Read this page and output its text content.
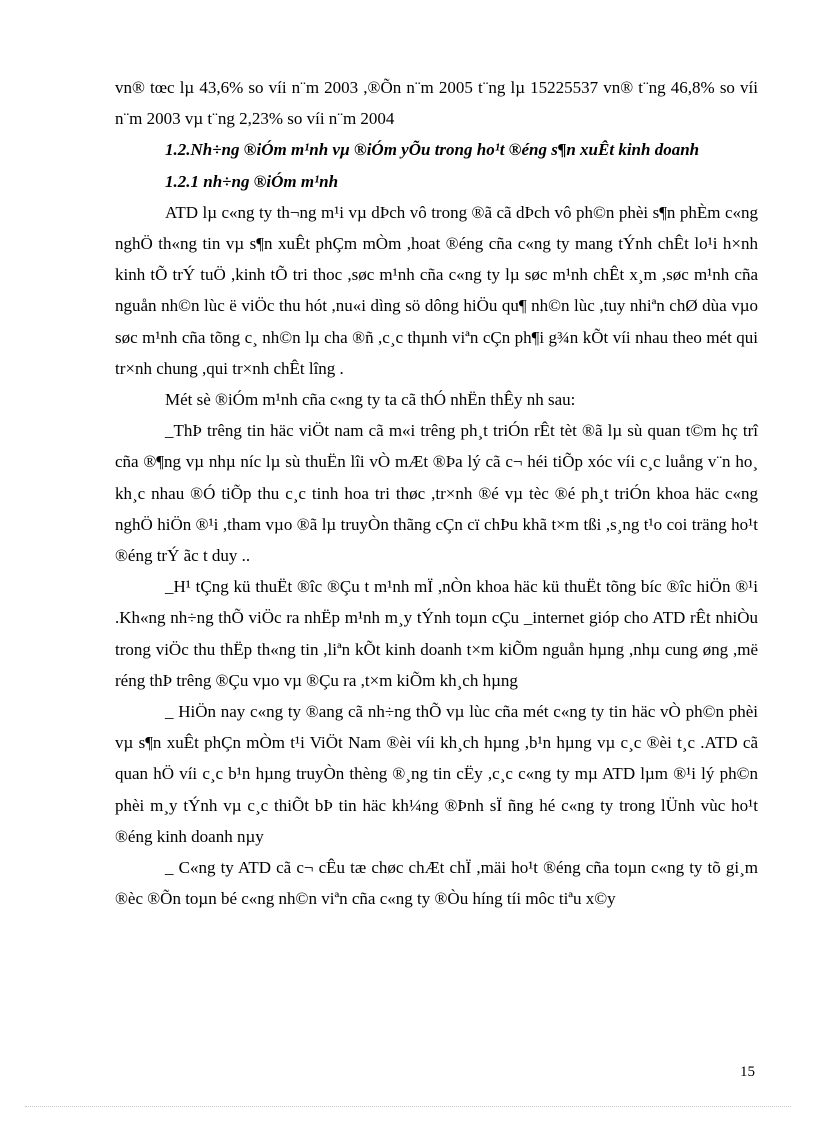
vn® tœc lµ 43,6% so víi n¨m 2003 ,®Õn n¨m 2005 t¨ng lµ 15225537 vn® t¨ng 46,8% so víi n¨m 2003 vµ t¨ng 2,23% so víi n¨m 2004

1.2.Nh÷ng ®iÓm m¹nh vµ ®iÓm yÕu trong ho¹t ®éng s¶n xuÊt kinh doanh

1.2.1 nh÷ng ®iÓm m¹nh

ATD lµ c«ng ty th¬ng m¹i vµ dÞch vô trong ®ã cã dÞch vô ph©n phèi s¶n phÈm c«ng nghÖ th«ng tin vµ s¶n xuÊt phÇm mÒm ,hoat ®éng cña c«ng ty mang tÝnh chÊt lo¹i h×nh kinh tÕ trÝ tuÖ ,kinh tÕ tri thoc ,søc m¹nh cña c«ng ty lµ søc m¹nh chÊt x¸m ,søc m¹nh cña nguån nh©n lùc ë viÖc thu hót ,nu«i dìng sö dông hiÖu qu¶ nh©n lùc ,tuy nhiªn chØ dùa vµo søc m¹nh cña tõng c¸ nh©n lµ cha ®ñ ,c¸c thµnh viªn cÇn ph¶i g¾n kÕt víi nhau theo mét qui tr×nh chung ,qui tr×nh chÊt lîng .

Mét sè ®iÓm m¹nh cña c«ng ty ta cã thÓ nhËn thÊy nh sau:

_ThÞ trêng tin häc viÖt nam cã m«i trêng ph¸t triÓn rÊt tèt ®ã lµ sù quan t©m hç trî cña ®¶ng vµ nhµ níc lµ sù thuËn lîi vÒ mÆt ®Þa lý cã c¬ héi tiÕp xóc víi c¸c luång v¨n ho¸ kh¸c nhau ®Ó tiÕp thu c¸c tinh hoa tri thøc ,tr×nh ®é vµ tèc ®é ph¸t triÓn khoa häc c«ng nghÖ hiÖn ®¹i ,tham vµo ®ã lµ truyÒn thãng cÇn cï chÞu khã t×m tßi ,s¸ng t¹o coi träng ho¹t ®éng trÝ ãc t duy ..

_H¹ tÇng kü thuËt ®îc ®Çu t m¹nh mÏ ,nÒn khoa häc kü thuËt tõng bíc ®îc hiÖn ®¹i .Kh«ng nh÷ng thÕ viÖc ra nhËp m¹nh m¸y tÝnh toµn cÇu _internet gióp cho ATD rÊt nhiÒu trong viÖc thu thËp th«ng tin ,liªn kÕt kinh doanh t×m kiÕm nguån hµng ,nhµ cung øng ,më réng thÞ trêng ®Çu vµo vµ ®Çu ra ,t×m kiÕm kh¸ch hµng

_ HiÖn nay c«ng ty ®ang cã nh÷ng thÕ vµ lùc cña mét c«ng ty tin häc vÒ ph©n phèi vµ s¶n xuÊt phÇn mÒm t¹i ViÖt Nam ®èi víi kh¸ch hµng ,b¹n hµng vµ c¸c ®èi t¸c .ATD cã quan hÖ víi c¸c b¹n hµng truyÒn thèng ®¸ng tin cËy ,c¸c c«ng ty mµ ATD lµm ®¹i lý ph©n phèi m¸y tÝnh vµ c¸c thiÕt bÞ tin häc kh¼ng ®Þnh sÏ ñng hé c«ng ty trong lÜnh vùc ho¹t ®éng kinh doanh nµy

_ C«ng ty ATD cã c¬ cÊu tæ chøc chÆt chÏ ,mäi ho¹t ®éng cña toµn c«ng ty tõ gi¸m ®èc ®Õn toµn bé c«ng nh©n viªn cña c«ng ty ®Òu híng tíi môc tiªu x©y

15
